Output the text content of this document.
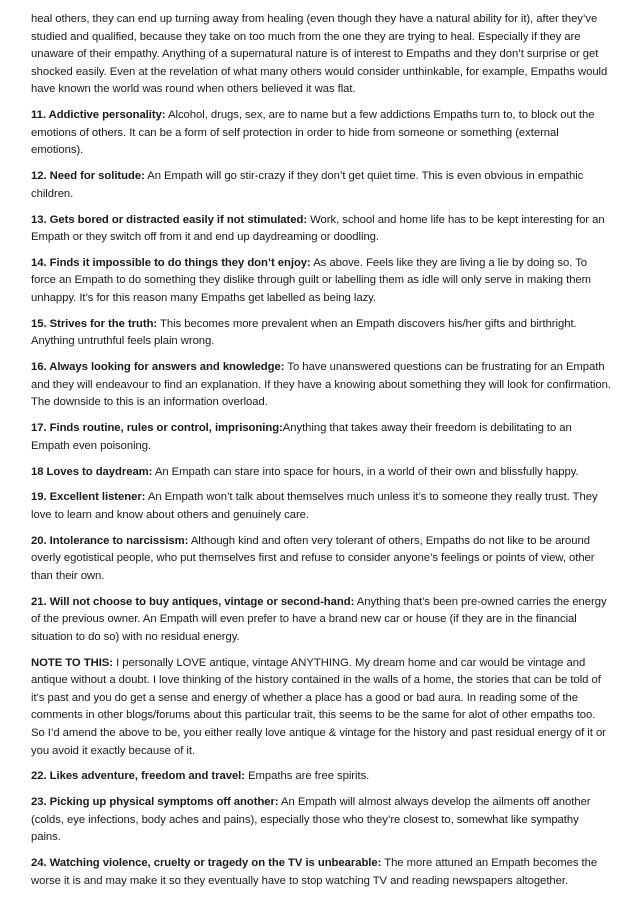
heal others, they can end up turning away from healing (even though they have a natural ability for it), after they’ve studied and qualified, because they take on too much from the one they are trying to heal. Especially if they are unaware of their empathy. Anything of a supernatural nature is of interest to Empaths and they don’t surprise or get shocked easily. Even at the revelation of what many others would consider unthinkable, for example, Empaths would have known the world was round when others believed it was flat.

11. Addictive personality: Alcohol, drugs, sex, are to name but a few addictions Empaths turn to, to block out the emotions of others. It can be a form of self protection in order to hide from someone or something (external emotions).

12. Need for solitude: An Empath will go stir-crazy if they don’t get quiet time. This is even obvious in empathic children.

13. Gets bored or distracted easily if not stimulated: Work, school and home life has to be kept interesting for an Empath or they switch off from it and end up daydreaming or doodling.

14. Finds it impossible to do things they don’t enjoy: As above. Feels like they are living a lie by doing so. To force an Empath to do something they dislike through guilt or labelling them as idle will only serve in making them unhappy. It’s for this reason many Empaths get labelled as being lazy.

15. Strives for the truth: This becomes more prevalent when an Empath discovers his/her gifts and birthright. Anything untruthful feels plain wrong.

16. Always looking for answers and knowledge: To have unanswered questions can be frustrating for an Empath and they will endeavour to find an explanation. If they have a knowing about something they will look for confirmation. The downside to this is an information overload.

17. Finds routine, rules or control, imprisoning:Anything that takes away their freedom is debilitating to an Empath even poisoning.

18 Loves to daydream: An Empath can stare into space for hours, in a world of their own and blissfully happy.

19. Excellent listener: An Empath won’t talk about themselves much unless it’s to someone they really trust. They love to learn and know about others and genuinely care.

20. Intolerance to narcissism: Although kind and often very tolerant of others, Empaths do not like to be around overly egotistical people, who put themselves first and refuse to consider anyone’s feelings or points of view, other than their own.

21. Will not choose to buy antiques, vintage or second-hand: Anything that’s been pre-owned carries the energy of the previous owner. An Empath will even prefer to have a brand new car or house (if they are in the financial situation to do so) with no residual energy.

NOTE TO THIS: I personally LOVE antique, vintage ANYTHING. My dream home and car would be vintage and antique without a doubt. I love thinking of the history contained in the walls of a home, the stories that can be told of it’s past and you do get a sense and energy of whether a place has a good or bad aura. In reading some of the comments in other blogs/forums about this particular trait, this seems to be the same for alot of other empaths too. So I’d amend the above to be, you either really love antique & vintage for the history and past residual energy of it or you avoid it exactly because of it.

22. Likes adventure, freedom and travel: Empaths are free spirits.

23. Picking up physical symptoms off another: An Empath will almost always develop the ailments off another (colds, eye infections, body aches and pains), especially those who they’re closest to, somewhat like sympathy pains.

24. Watching violence, cruelty or tragedy on the TV is unbearable: The more attuned an Empath becomes the worse it is and may make it so they eventually have to stop watching TV and reading newspapers altogether.
